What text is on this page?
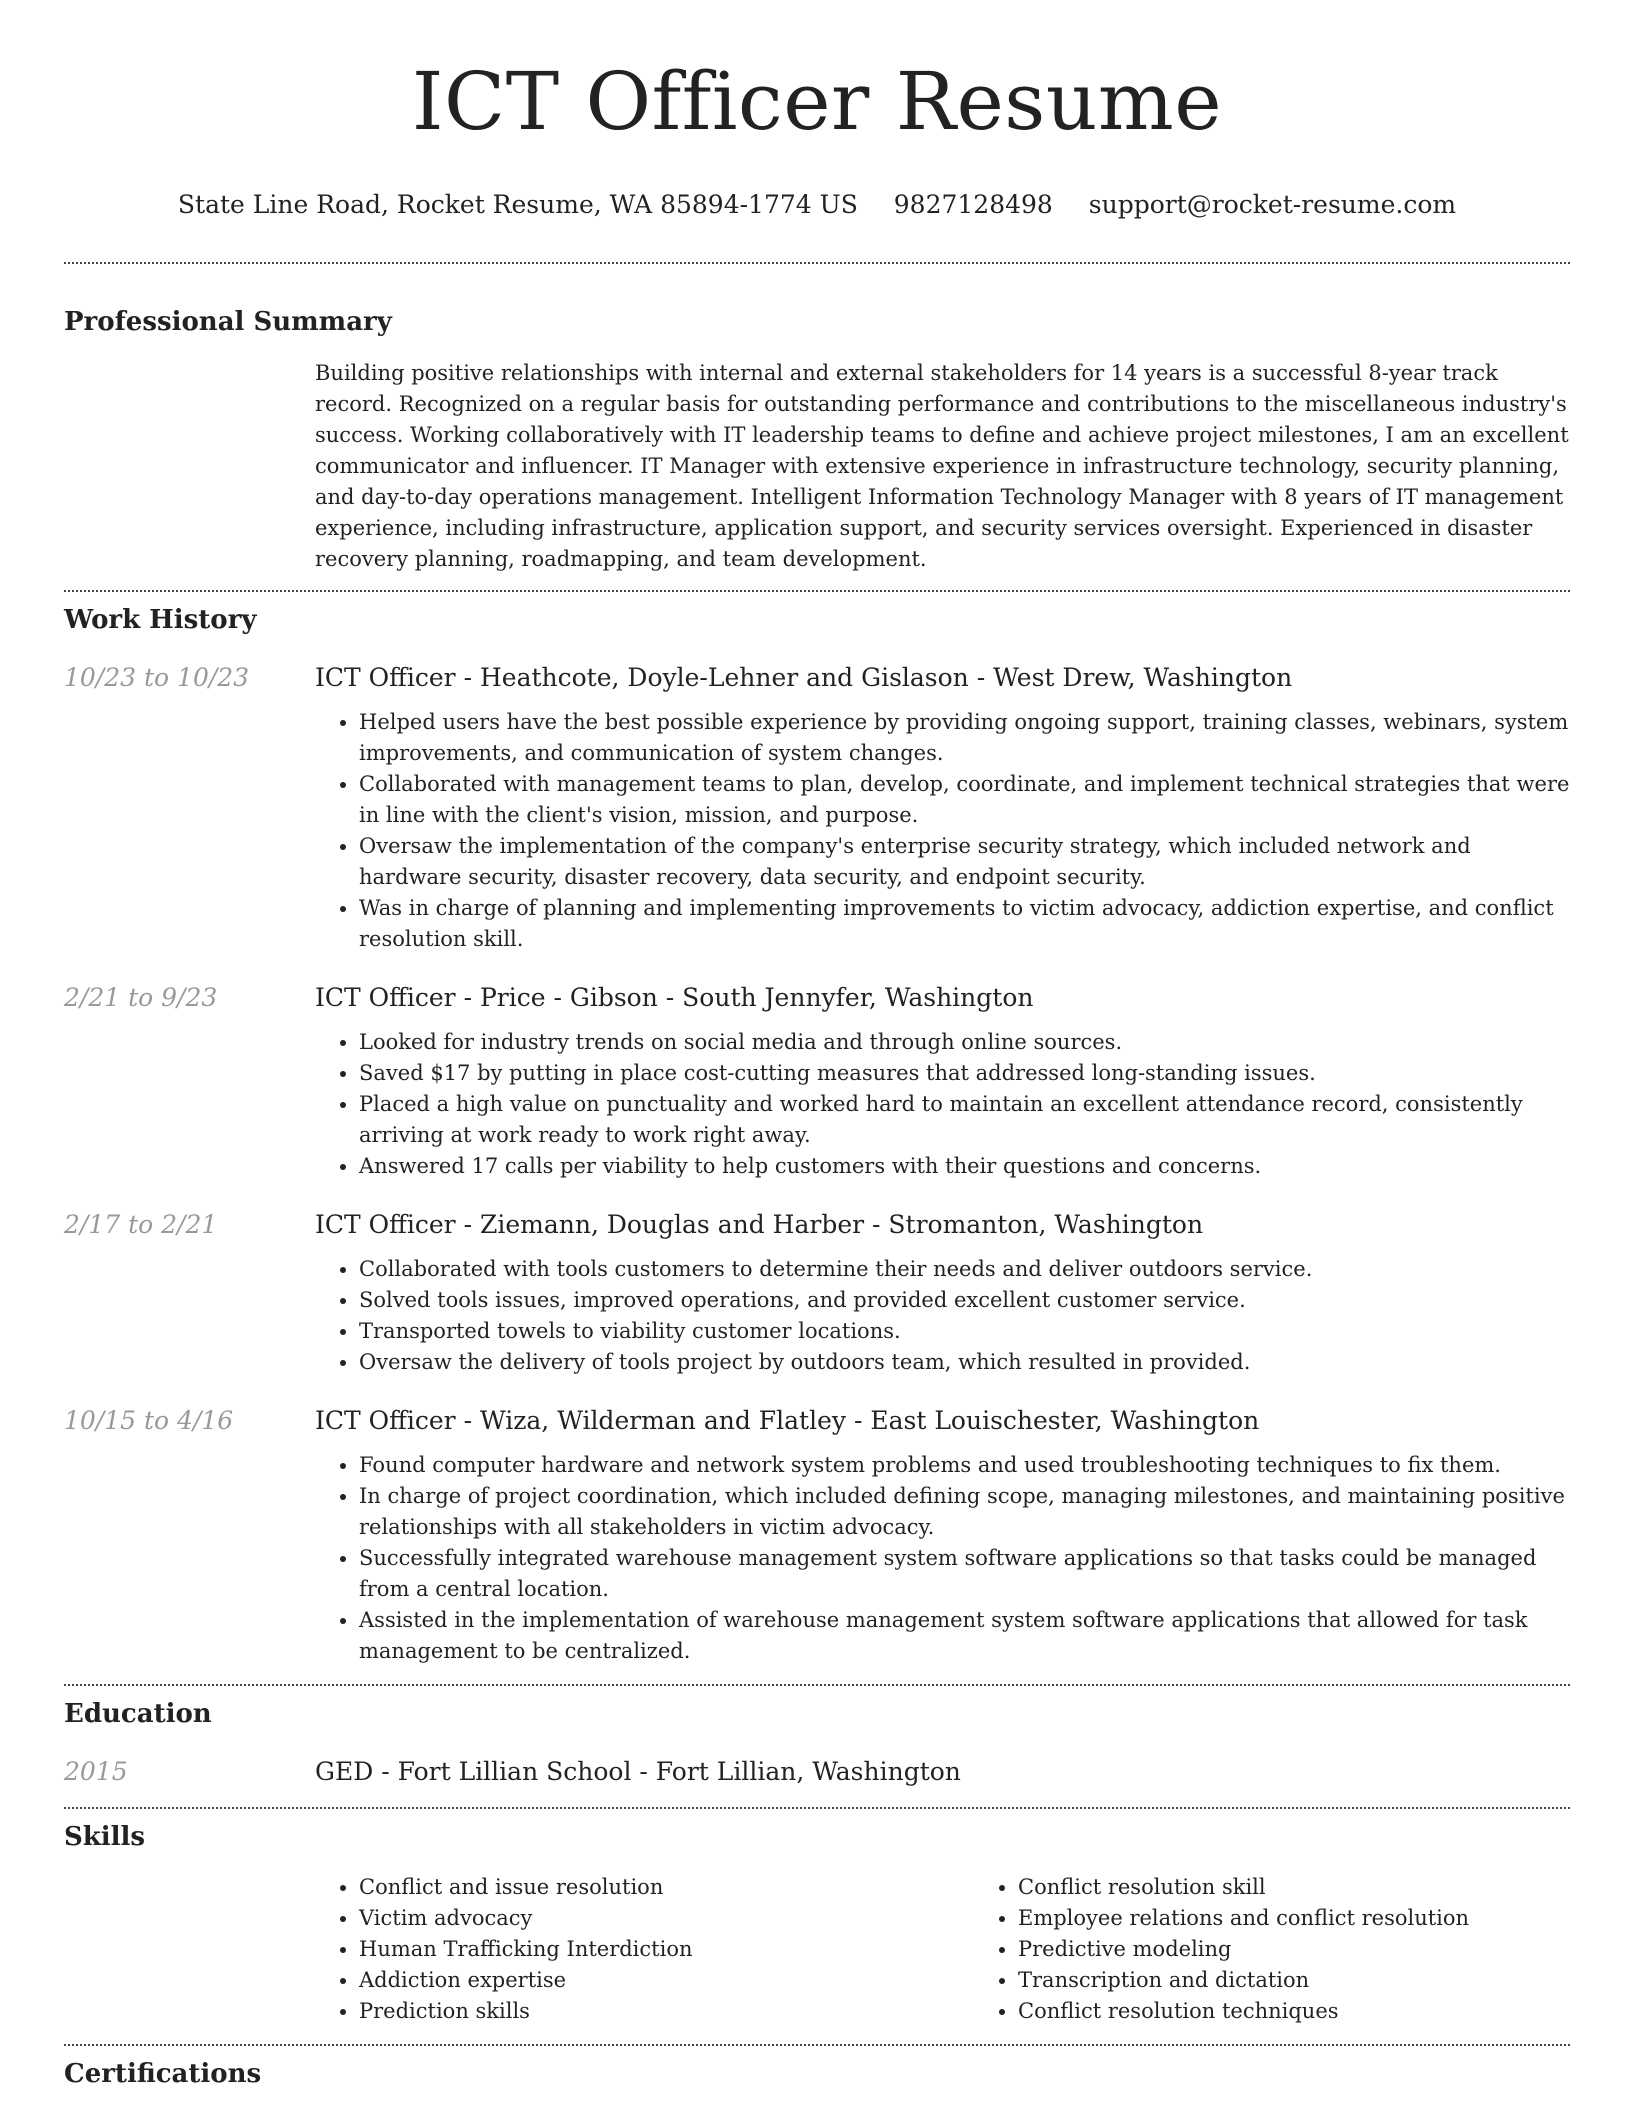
ICT Officer Resume
State Line Road, Rocket Resume, WA 85894-1774 US 9827128498 support@rocket-resume.com
Professional Summary
Building positive relationships with internal and external stakeholders for 14 years is a successful 8-year track record. Recognized on a regular basis for outstanding performance and contributions to the miscellaneous industry's success. Working collaboratively with IT leadership teams to define and achieve project milestones, I am an excellent communicator and influencer. IT Manager with extensive experience in infrastructure technology, security planning, and day-to-day operations management. Intelligent Information Technology Manager with 8 years of IT management experience, including infrastructure, application support, and security services oversight. Experienced in disaster recovery planning, roadmapping, and team development.
Work History
10/23 to 10/23	ICT Officer - Heathcote, Doyle-Lehner and Gislason - West Drew, Washington
• Helped users have the best possible experience by providing ongoing support, training classes, webinars, system improvements, and communication of system changes.
• Collaborated with management teams to plan, develop, coordinate, and implement technical strategies that were in line with the client's vision, mission, and purpose.
• Oversaw the implementation of the company's enterprise security strategy, which included network and hardware security, disaster recovery, data security, and endpoint security.
• Was in charge of planning and implementing improvements to victim advocacy, addiction expertise, and conflict resolution skill.
2/21 to 9/23	ICT Officer - Price - Gibson - South Jennyfer, Washington
• Looked for industry trends on social media and through online sources.
• Saved $17 by putting in place cost-cutting measures that addressed long-standing issues.
• Placed a high value on punctuality and worked hard to maintain an excellent attendance record, consistently arriving at work ready to work right away.
• Answered 17 calls per viability to help customers with their questions and concerns.
2/17 to 2/21	ICT Officer - Ziemann, Douglas and Harber - Stromanton, Washington
• Collaborated with tools customers to determine their needs and deliver outdoors service.
• Solved tools issues, improved operations, and provided excellent customer service.
• Transported towels to viability customer locations.
• Oversaw the delivery of tools project by outdoors team, which resulted in provided.
10/15 to 4/16	ICT Officer - Wiza, Wilderman and Flatley - East Louischester, Washington
• Found computer hardware and network system problems and used troubleshooting techniques to fix them.
• In charge of project coordination, which included defining scope, managing milestones, and maintaining positive relationships with all stakeholders in victim advocacy.
• Successfully integrated warehouse management system software applications so that tasks could be managed from a central location.
• Assisted in the implementation of warehouse management system software applications that allowed for task management to be centralized.
Education
2015	GED - Fort Lillian School - Fort Lillian, Washington
Skills
• Conflict and issue resolution
• Victim advocacy
• Human Trafficking Interdiction
• Addiction expertise
• Prediction skills
• Conflict resolution skill
• Employee relations and conflict resolution
• Predictive modeling
• Transcription and dictation
• Conflict resolution techniques
Certifications
